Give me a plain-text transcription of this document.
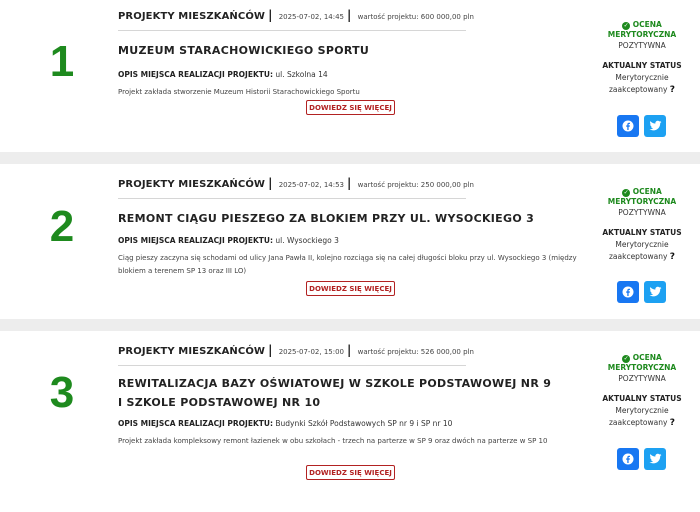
1
PROJEKTY MIESZKAŃCÓW | 2025-07-02, 14:45 | wartość projektu: 600 000,00 pln
MUZEUM STARACHOWICKIEGO SPORTU
OPIS MIEJSCA REALIZACJI PROJEKTU: ul. Szkolna 14
Projekt zakłada stworzenie Muzeum Historii Starachowickiego Sportu
DOWIEDZ SIĘ WIĘCEJ
✓ OCENA MERYTORYCZNA
POZYTYWNA
AKTUALNY STATUS
Merytorycznie zaakceptowany ?
2
PROJEKTY MIESZKAŃCÓW | 2025-07-02, 14:53 | wartość projektu: 250 000,00 pln
REMONT CIĄGU PIESZEGO ZA BLOKIEM PRZY UL. WYSOCKIEGO 3
OPIS MIEJSCA REALIZACJI PROJEKTU: ul. Wysockiego 3
Ciąg pieszy zaczyna się schodami od ulicy Jana Pawła II, kolejno rozciąga się na całej długości bloku przy ul. Wysockiego 3 (między blokiem a terenem SP 13 oraz III LO)
DOWIEDZ SIĘ WIĘCEJ
✓ OCENA MERYTORYCZNA
POZYTYWNA
AKTUALNY STATUS
Merytorycznie zaakceptowany ?
3
PROJEKTY MIESZKAŃCÓW | 2025-07-02, 15:00 | wartość projektu: 526 000,00 pln
REWITALIZACJA BAZY OŚWIATOWEJ W SZKOLE PODSTAWOWEJ NR 9 I SZKOLE PODSTAWOWEJ NR 10
OPIS MIEJSCA REALIZACJI PROJEKTU: Budynki Szkół Podstawowych SP nr 9 i SP nr 10
Projekt zakłada kompleksowy remont łazienek w obu szkołach - trzech na parterze w SP 9 oraz dwóch na parterze w SP 10
DOWIEDZ SIĘ WIĘCEJ
✓ OCENA MERYTORYCZNA
POZYTYWNA
AKTUALNY STATUS
Merytorycznie zaakceptowany ?
